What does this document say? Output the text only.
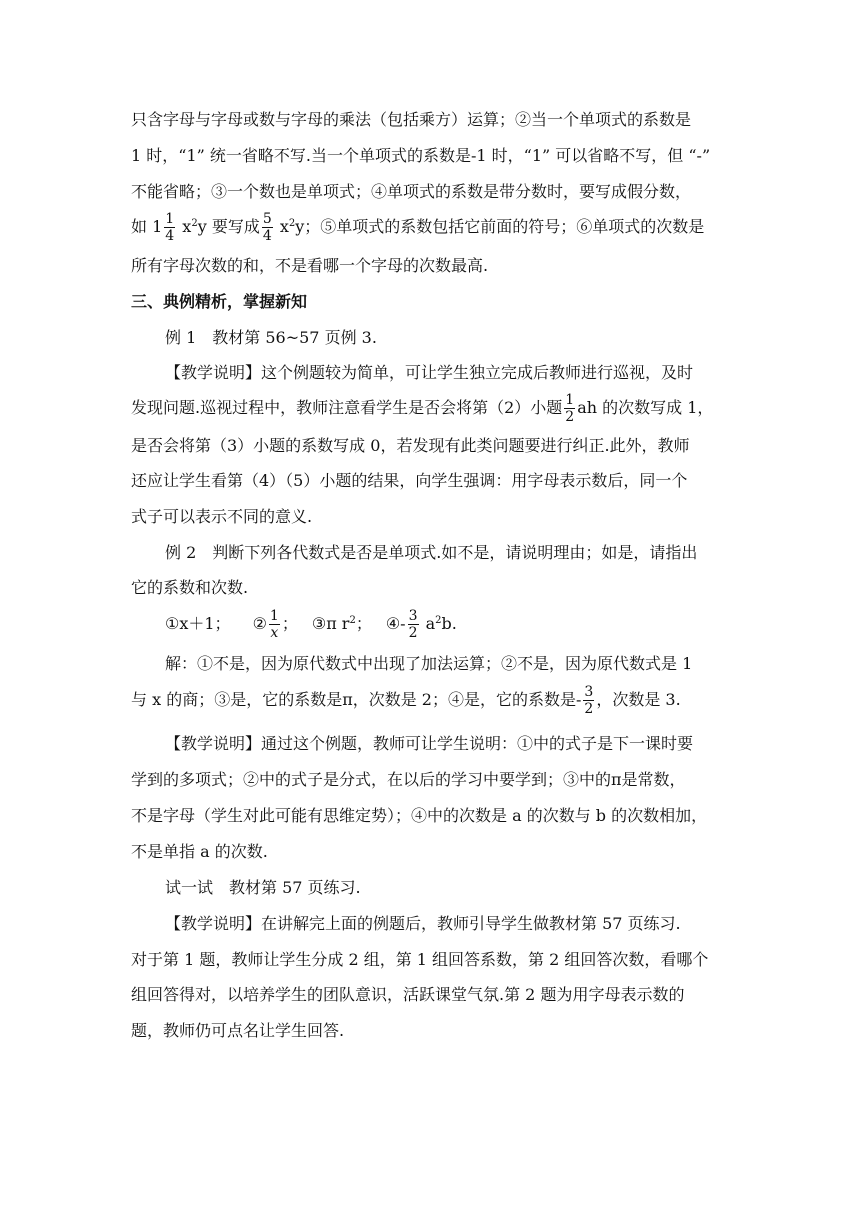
只含字母与字母或数与字母的乘法（包括乘方）运算；②当一个单项式的系数是
1 时，“1” 统一省略不写.当一个单项式的系数是-1 时，“1” 可以省略不写，但 “-”
不能省略；③一个数也是单项式；④单项式的系数是带分数时，要写成假分数，
如 $1 \frac{1}{4} x^2y$ 要写成 $\frac{5}{4} x^2y$；⑤单项式的系数包括它前面的符号；⑥单项式的次数是
所有字母次数的和，不是看哪一个字母的次数最高.
三、典例精析，掌握新知
例 1　教材第 56~57 页例 3.
【教学说明】这个例题较为简单，可让学生独立完成后教师进行巡视，及时
发现问题.巡视过程中，教师注意看学生是否会将第（2）小题 $\frac{1}{2}$ ah 的次数写成 1，
是否会将第（3）小题的系数写成 0，若发现有此类问题要进行纠正.此外，教师
还应让学生看第（4）（5）小题的结果，向学生强调：用字母表示数后，同一个
式子可以表示不同的意义.
例 2　判断下列各代数式是否是单项式.如不是，请说明理由；如是，请指出
它的系数和次数.
①x＋1； ② $\frac{1}{x}$ ； ③π $r^2$； ④- $\frac{3}{2} a^2b$.
解：①不是，因为原代数式中出现了加法运算；②不是，因为原代数式是 1
与 x 的商；③是，它的系数是π，次数是 2；④是，它的系数是- $\frac{3}{2}$ ，次数是 3.
【教学说明】通过这个例题，教师可让学生说明：①中的式子是下一课时要
学到的多项式；②中的式子是分式，在以后的学习中要学到；③中的π是常数，
不是字母（学生对此可能有思维定势）；④中的次数是 a 的次数与 b 的次数相加，
不是单指 a 的次数.
试一试　教材第 57 页练习.
【教学说明】在讲解完上面的例题后，教师引导学生做教材第 57 页练习.
对于第 1 题，教师让学生分成 2 组，第 1 组回答系数，第 2 组回答次数，看哪个
组回答得对，以培养学生的团队意识，活跃课堂气氛.第 2 题为用字母表示数的
题，教师仍可点名让学生回答.
